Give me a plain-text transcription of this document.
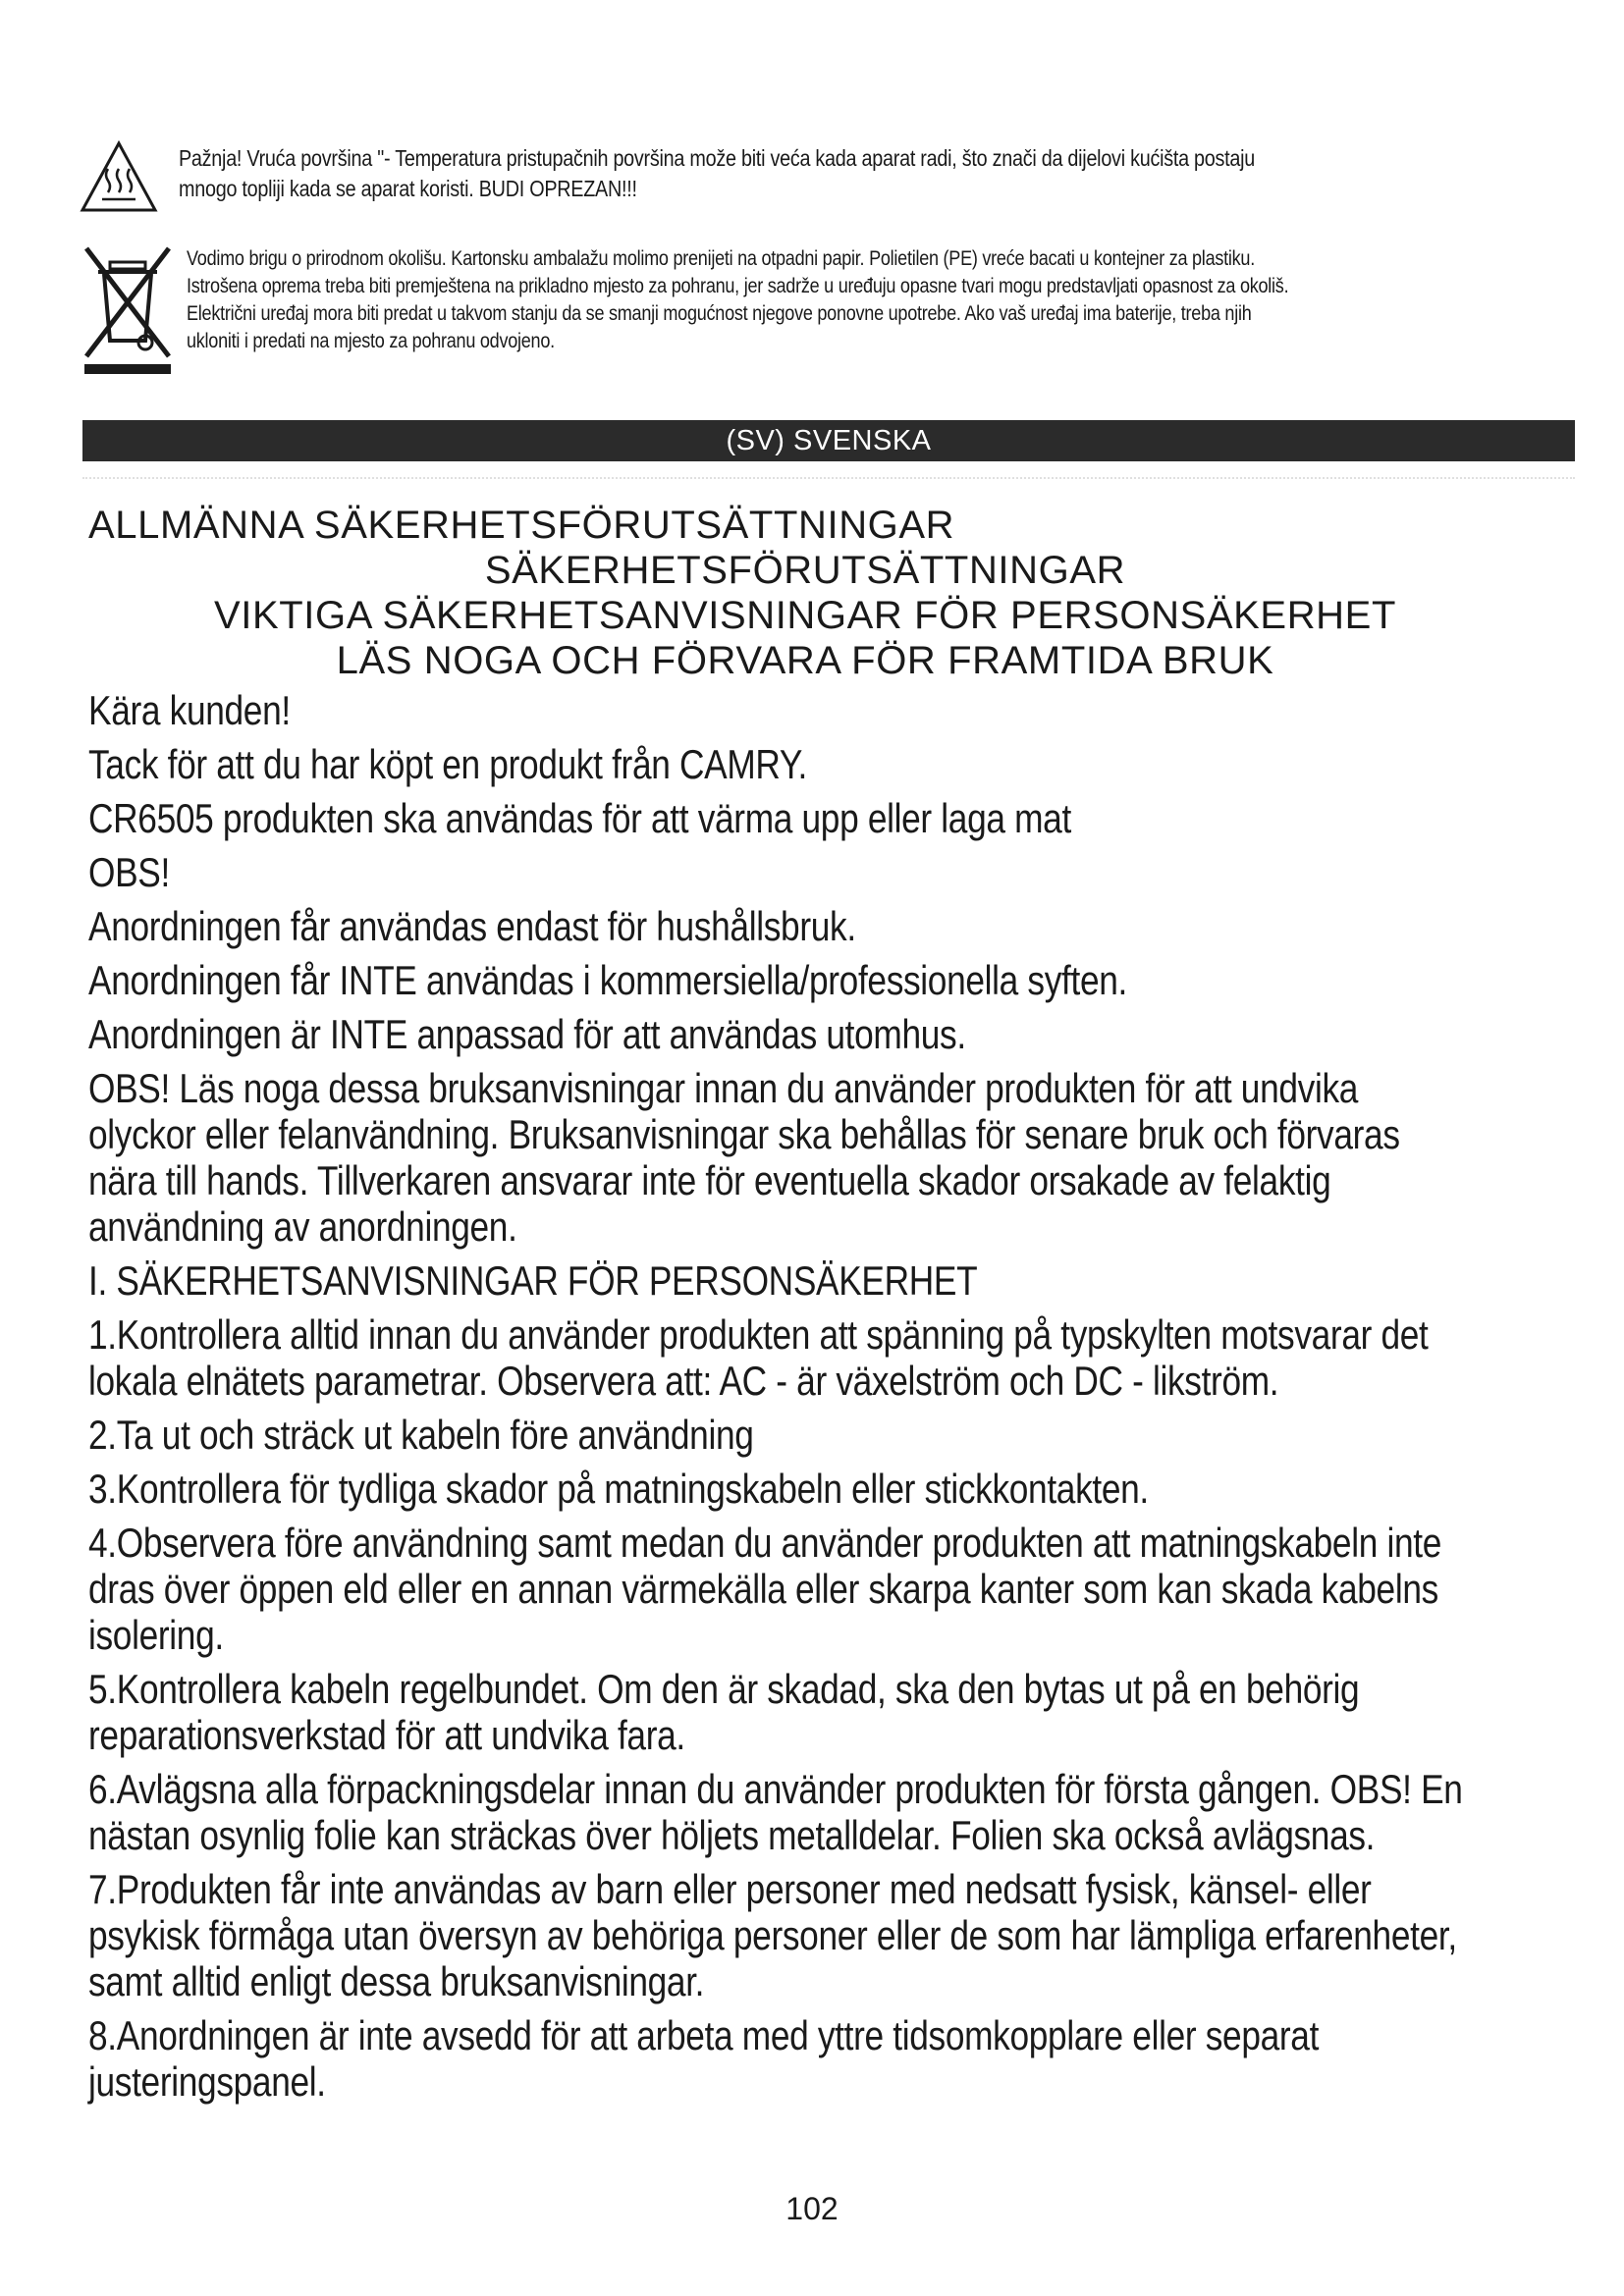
Pažnja! Vruća površina "- Temperatura pristupačnih površina može biti veća kada aparat radi, što znači da dijelovi kućišta postaju

mnogo topliji kada se aparat koristi. BUDI OPREZAN!!!

Vodimo brigu o prirodnom okolišu. Kartonsku ambalažu molimo prenijeti na otpadni papir. Polietilen (PE) vreće bacati u kontejner za plastiku.

Istrošena oprema treba biti premještena na prikladno mjesto za pohranu, jer sadrže u uređuju opasne tvari mogu predstavljati opasnost za okoliš.

Električni uređaj mora biti predat u takvom stanju da se smanji mogućnost njegove ponovne upotrebe. Ako vaš uređaj ima baterije, treba njih

ukloniti i predati na mjesto za pohranu odvojeno.

(SV) SVENSKA
ALLMÄNNA SÄKERHETSFÖRUTSÄTTNINGAR
SÄKERHETSFÖRUTSÄTTNINGAR
VIKTIGA SÄKERHETSANVISNINGAR FÖR PERSONSÄKERHET
LÄS NOGA OCH FÖRVARA FÖR FRAMTIDA BRUK
Kära kunden!
Tack för att du har köpt en produkt från CAMRY.
CR6505 produkten ska användas för att värma upp eller laga mat
OBS!
Anordningen får användas endast för hushållsbruk.
Anordningen får INTE användas i kommersiella/professionella syften.
Anordningen är INTE anpassad för att användas utomhus.
OBS! Läs noga dessa bruksanvisningar innan du använder produkten för att undvika
olyckor eller felanvändning. Bruksanvisningar ska behållas för senare bruk och förvaras
nära till hands. Tillverkaren ansvarar inte för eventuella skador orsakade av felaktig
användning av anordningen.
I. SÄKERHETSANVISNINGAR FÖR PERSONSÄKERHET
1.Kontrollera alltid innan du använder produkten att spänning på typskylten motsvarar det
lokala elnätets parametrar. Observera att: AC - är växelström och DC - likström.
2.Ta ut och sträck ut kabeln före användning
3.Kontrollera för tydliga skador på matningskabeln eller stickkontakten.
4.Observera före användning samt medan du använder produkten att matningskabeln inte
dras över öppen eld eller en annan värmekälla eller skarpa kanter som kan skada kabelns
isolering.
5.Kontrollera kabeln regelbundet. Om den är skadad, ska den bytas ut på en behörig
reparationsverkstad för att undvika fara.
6.Avlägsna alla förpackningsdelar innan du använder produkten för första gången. OBS! En
nästan osynlig folie kan sträckas över höljets metalldelar. Folien ska också avlägsnas.
7.Produkten får inte användas av barn eller personer med nedsatt fysisk, känsel- eller
psykisk förmåga utan översyn av behöriga personer eller de som har lämpliga erfarenheter,
samt alltid enligt dessa bruksanvisningar.
8.Anordningen är inte avsedd för att arbeta med yttre tidsomkopplare eller separat
justeringspanel.
102
